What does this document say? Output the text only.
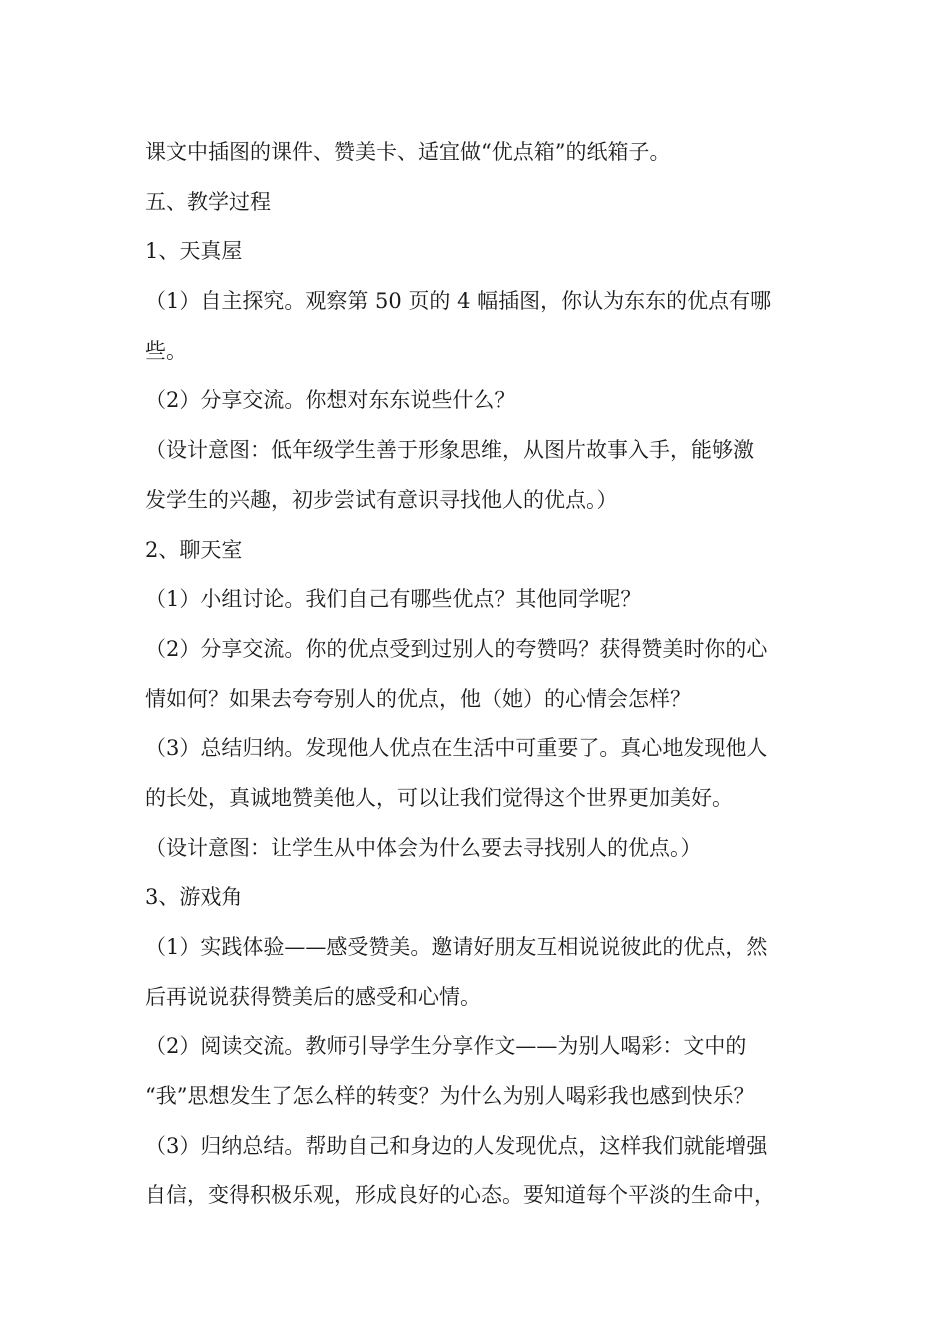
课文中插图的课件、赞美卡、适宜做“优点箱”的纸箱子。
五、教学过程
1、天真屋
（1）自主探究。观察第 50 页的 4 幅插图，你认为东东的优点有哪
些。
（2）分享交流。你想对东东说些什么？
（设计意图：低年级学生善于形象思维，从图片故事入手，能够激
发学生的兴趣，初步尝试有意识寻找他人的优点。）
2、聊天室
（1）小组讨论。我们自己有哪些优点？其他同学呢？
（2）分享交流。你的优点受到过别人的夸赞吗？获得赞美时你的心
情如何？如果去夸夸别人的优点，他（她）的心情会怎样？
（3）总结归纳。发现他人优点在生活中可重要了。真心地发现他人
的长处，真诚地赞美他人，可以让我们觉得这个世界更加美好。
（设计意图：让学生从中体会为什么要去寻找别人的优点。）
3、游戏角
（1）实践体验——感受赞美。邀请好朋友互相说说彼此的优点，然
后再说说获得赞美后的感受和心情。
（2）阅读交流。教师引导学生分享作文——为别人喝彩：文中的
“我”思想发生了怎么样的转变？为什么为别人喝彩我也感到快乐？
（3）归纳总结。帮助自己和身边的人发现优点，这样我们就能增强
自信，变得积极乐观，形成良好的心态。要知道每个平淡的生命中，
